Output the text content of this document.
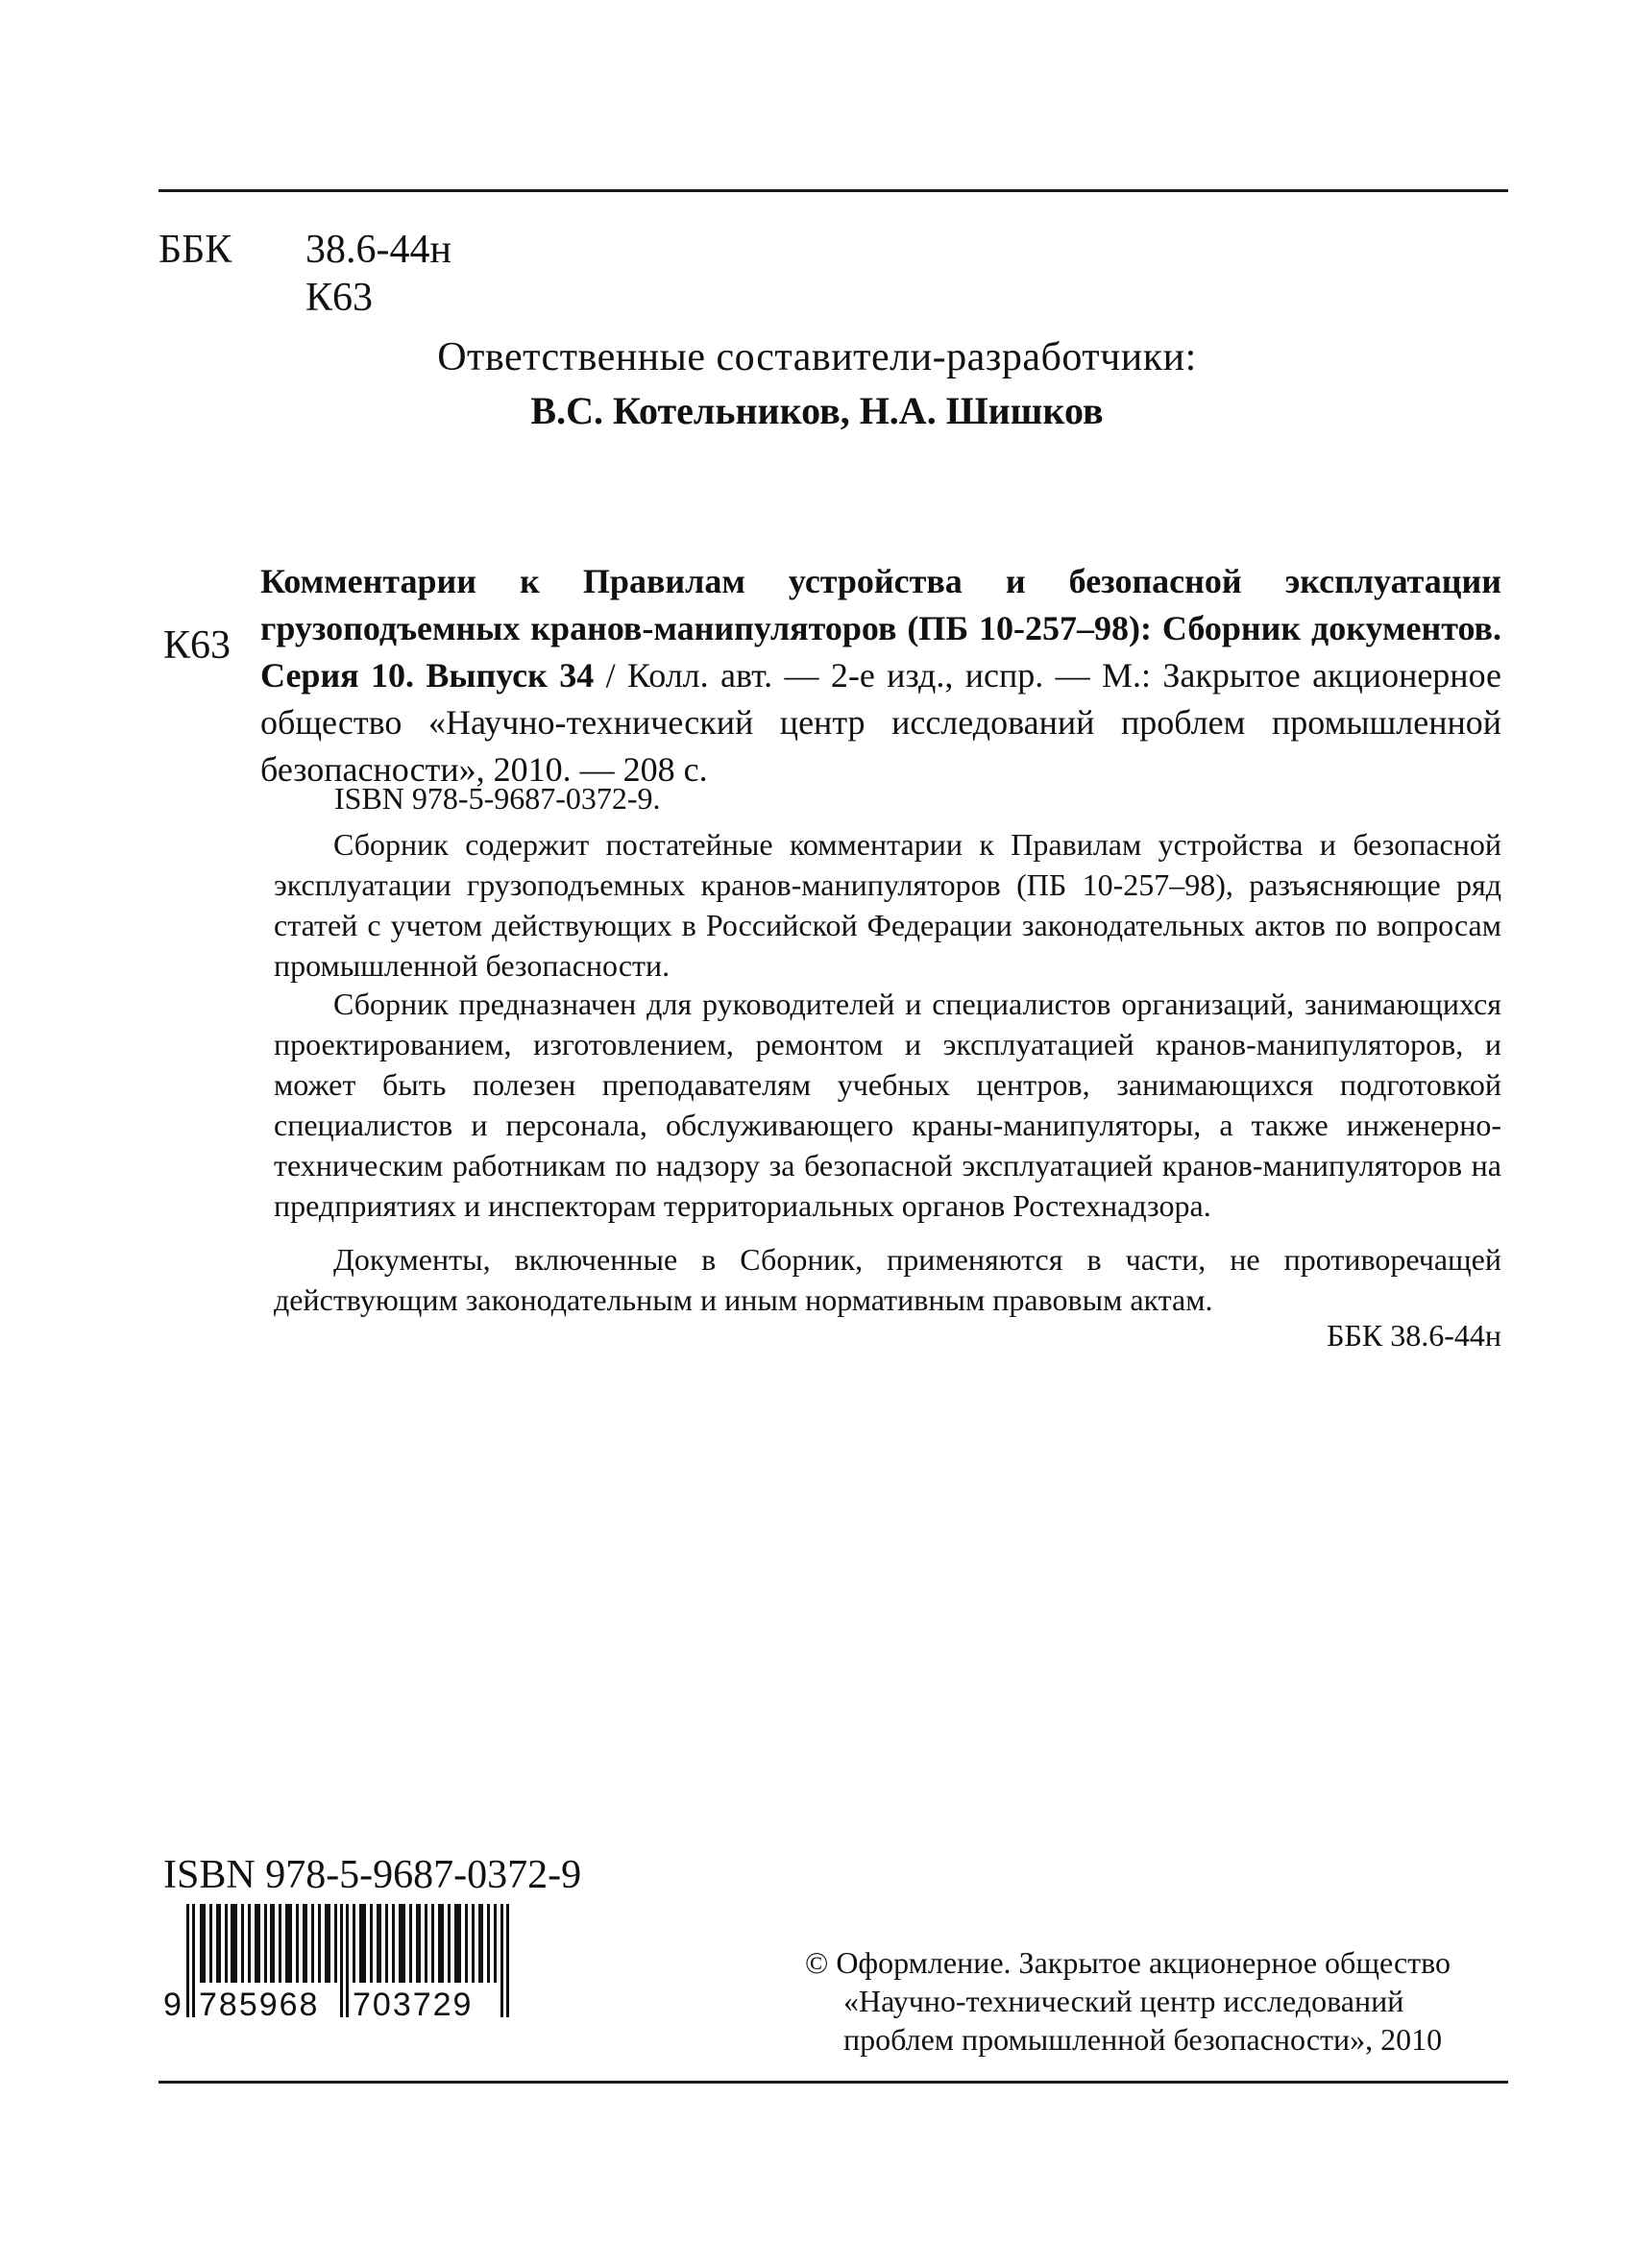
ББК 38.6-44н
К63
Ответственные составители-разработчики:
В.С. Котельников, Н.А. Шишков
К63
Комментарии к Правилам устройства и безопасной эксплуатации грузоподъемных кранов-манипуляторов (ПБ 10-257–98): Сборник документов. Серия 10. Выпуск 34 / Колл. авт. — 2-е изд., испр. — М.: Закрытое акционерное общество «Научно-технический центр исследований проблем промышленной безопасности», 2010. — 208 с.
ISBN 978-5-9687-0372-9.
Сборник содержит постатейные комментарии к Правилам устройства и безопасной эксплуатации грузоподъемных кранов-манипуляторов (ПБ 10-257–98), разъясняющие ряд статей с учетом действующих в Российской Федерации законодательных актов по вопросам промышленной безопасности.
Сборник предназначен для руководителей и специалистов организаций, занимающихся проектированием, изготовлением, ремонтом и эксплуатацией кранов-манипуляторов, и может быть полезен преподавателям учебных центров, занимающихся подготовкой специалистов и персонала, обслуживающего краны-манипуляторы, а также инженерно-техническим работникам по надзору за безопасной эксплуатацией кранов-манипуляторов на предприятиях и инспекторам территориальных органов Ростехнадзора.
Документы, включенные в Сборник, применяются в части, не противоречащей действующим законодательным и иным нормативным правовым актам.
ББК 38.6-44н
ISBN 978-5-9687-0372-9
9 785968 703729
© Оформление. Закрытое акционерное общество
«Научно-технический центр исследований
проблем промышленной безопасности», 2010
